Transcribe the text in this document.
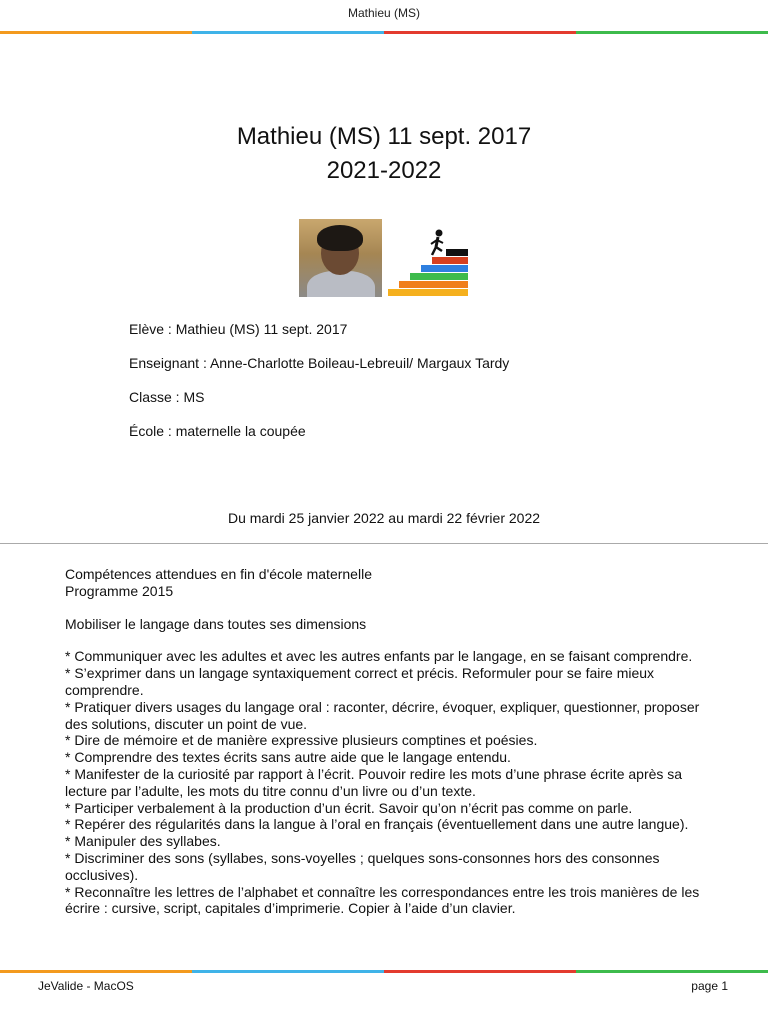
Mathieu (MS)
Mathieu (MS) 11 sept. 2017
2021-2022
Elève : Mathieu (MS) 11 sept. 2017
Enseignant : Anne-Charlotte Boileau-Lebreuil/ Margaux Tardy
Classe : MS
École : maternelle la coupée
Du mardi 25 janvier 2022 au mardi 22 février 2022

Compétences attendues en fin d'école maternelle

Programme 2015

Mobiliser le langage dans toutes ses dimensions

* Communiquer avec les adultes et avec les autres enfants par le langage, en se faisant comprendre.

* S’exprimer dans un langage syntaxiquement correct et précis. Reformuler pour se faire mieux comprendre.

* Pratiquer divers usages du langage oral : raconter, décrire, évoquer, expliquer, questionner, proposer des solutions, discuter un point de vue.

* Dire de mémoire et de manière expressive plusieurs comptines et poésies.

* Comprendre des textes écrits sans autre aide que le langage entendu.

* Manifester de la curiosité par rapport à l’écrit. Pouvoir redire les mots d’une phrase écrite après sa lecture par l’adulte, les mots du titre connu d’un livre ou d’un texte.

* Participer verbalement à la production d’un écrit. Savoir qu’on n’écrit pas comme on parle.

* Repérer des régularités dans la langue à l’oral en français (éventuellement dans une autre langue).

* Manipuler des syllabes.

* Discriminer des sons (syllabes, sons-voyelles ; quelques sons-consonnes hors des consonnes occlusives).

* Reconnaître les lettres de l’alphabet et connaître les correspondances entre les trois manières de les écrire : cursive, script, capitales d’imprimerie. Copier à l’aide d’un clavier.

JeValide - MacOS	page 1
